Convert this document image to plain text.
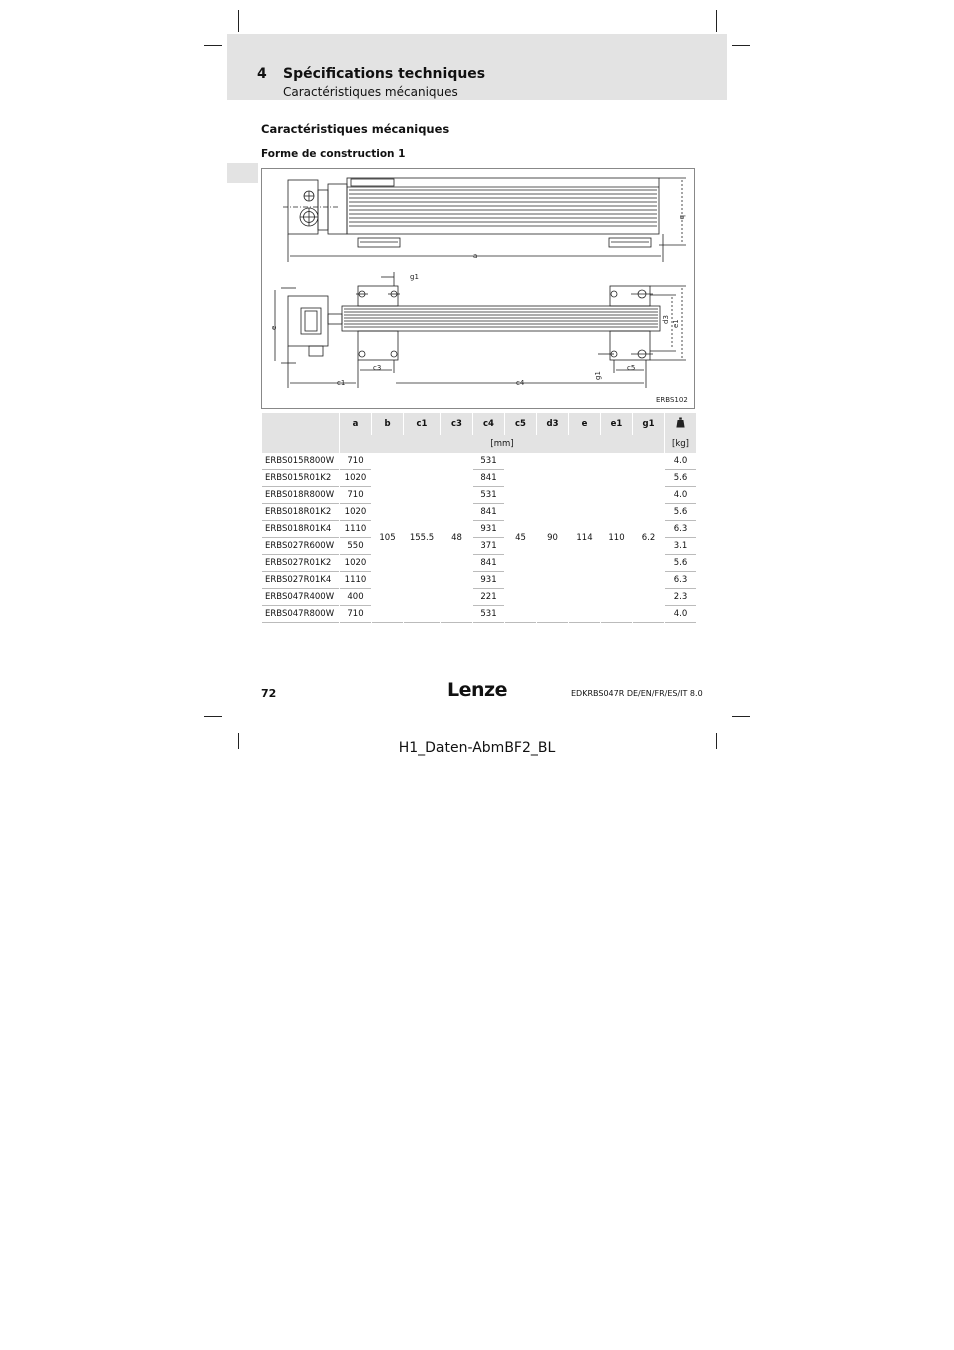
4 Spécifications techniques
Caractéristiques mécaniques
Caractéristiques mécaniques
Forme de construction 1
b
a
g1
e
d3 e1
c3	c5
g1
c1	c4
ERBS102
	a	b	c1	c3	c4	c5	d3	e	e1	g1	
	[mm]										[kg]
ERBS015R800W	710	105	155.5	48	531	45	90	114	110	6.2	4.0
ERBS015R01K2	1020				841						5.6
ERBS018R800W	710				531						4.0
ERBS018R01K2	1020				841						5.6
ERBS018R01K4	1110				931						6.3
ERBS027R600W	550				371						3.1
ERBS027R01K2	1020				841						5.6
ERBS027R01K4	1110				931						6.3
ERBS047R400W	400				221						2.3
ERBS047R800W	710				531						4.0
72	Lenze	EDKRBS047R DE/EN/FR/ES/IT 8.0
H1_Daten-AbmBF2_BL
